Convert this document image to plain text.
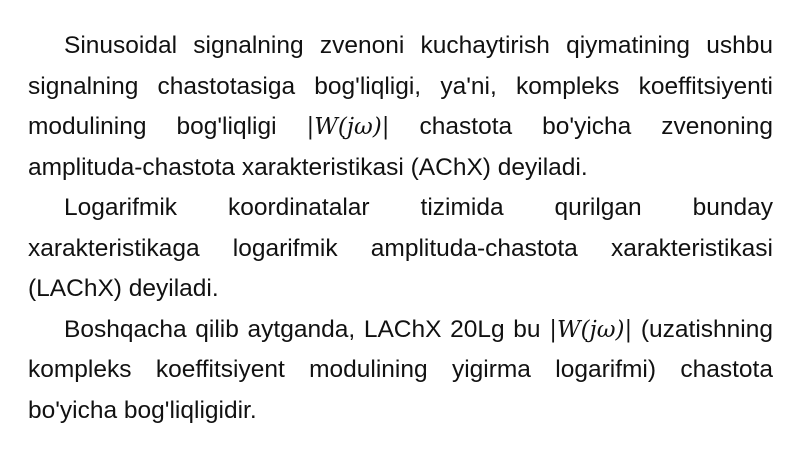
Sinusoidal signalning zvenoni kuchaytirish qiymatining ushbu signalning chastotasiga bog'liqligi, ya'ni, kompleks koeffitsiyenti modulining bog'liqligi |W(jω)| chastota bo'yicha zvenoning amplituda-chastota xarakteristikasi (AChX) deyiladi.

Logarifmik koordinatalar tizimida qurilgan bunday xarakteristikaga logarifmik amplituda-chastota xarakteristikasi (LAChX) deyiladi.

Boshqacha qilib aytganda, LAChX 20Lg bu |W(jω)| (uzatishning kompleks koeffitsiyent modulining yigirma logarifmi) chastota bo'yicha bog'liqligidir.
